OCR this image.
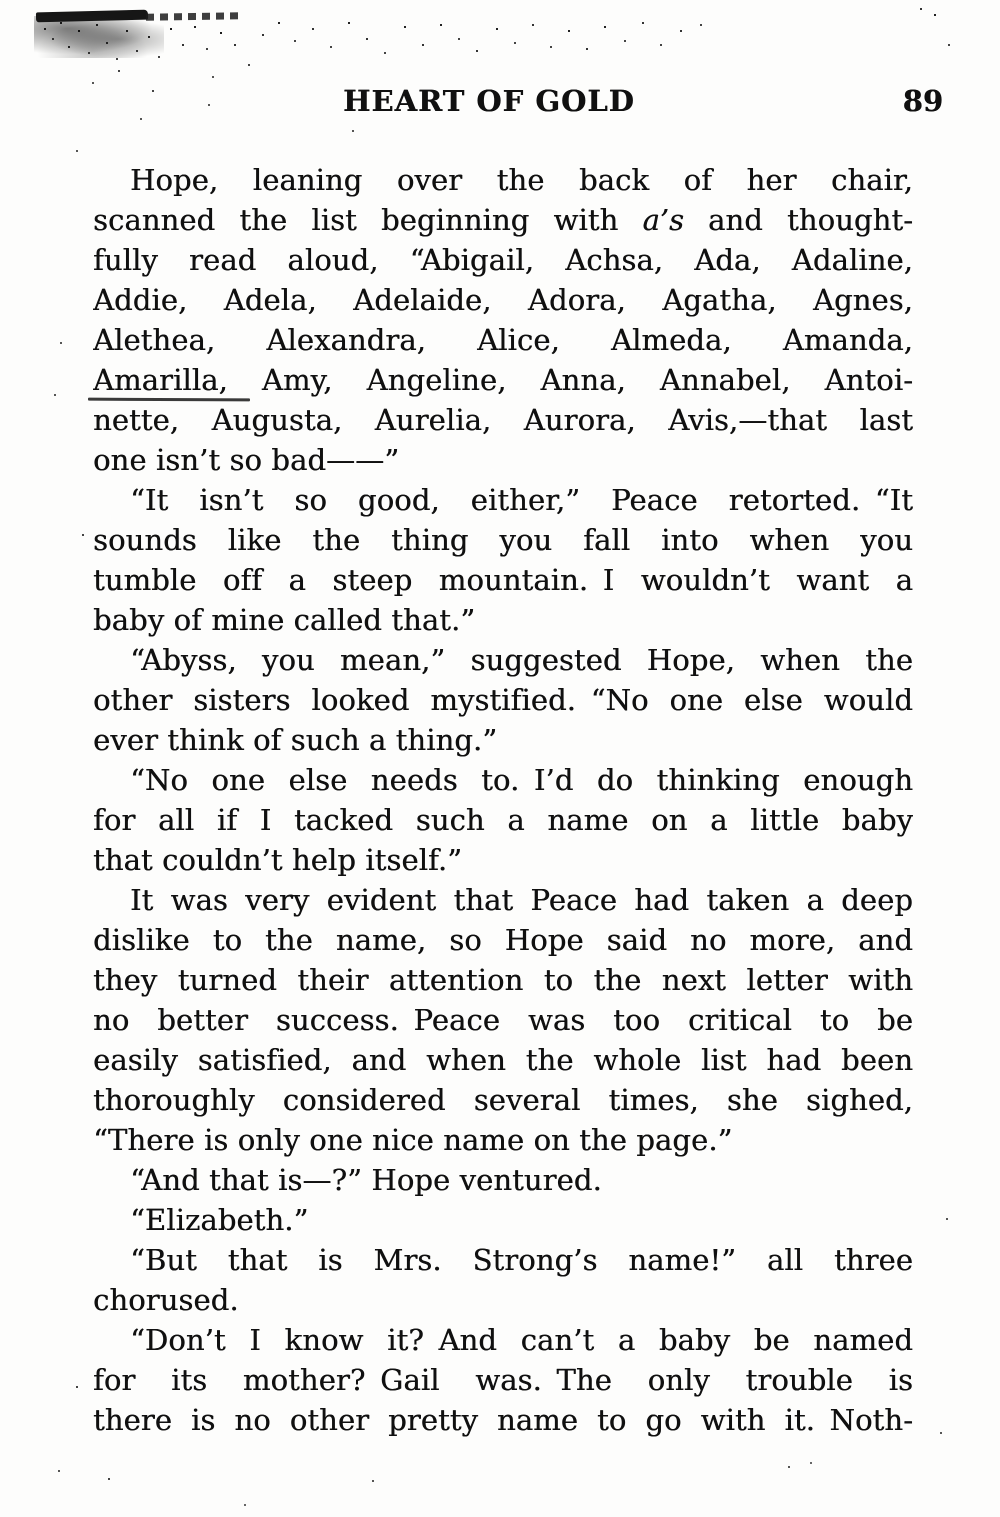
HEART OF GOLD	89
Hope, leaning over the back of her chair,
scanned the list beginning with a’s and thought-
fully read aloud, “Abigail, Achsa, Ada, Adaline,
Addie, Adela, Adelaide, Adora, Agatha, Agnes,
Alethea, Alexandra, Alice, Almeda, Amanda,
Amarilla, Amy, Angeline, Anna, Annabel, Antoi-
nette, Augusta, Aurelia, Aurora, Avis,—that last
one isn’t so bad——”
“It isn’t so good, either,” Peace retorted. “It
sounds like the thing you fall into when you
tumble off a steep mountain. I wouldn’t want a
baby of mine called that.”
“Abyss, you mean,” suggested Hope, when the
other sisters looked mystified. “No one else would
ever think of such a thing.”
“No one else needs to. I’d do thinking enough
for all if I tacked such a name on a little baby
that couldn’t help itself.”
It was very evident that Peace had taken a deep
dislike to the name, so Hope said no more, and
they turned their attention to the next letter with
no better success. Peace was too critical to be
easily satisfied, and when the whole list had been
thoroughly considered several times, she sighed,
“There is only one nice name on the page.”
“And that is—?” Hope ventured.
“Elizabeth.”
“But that is Mrs. Strong’s name!” all three
chorused.
“Don’t I know it? And can’t a baby be named
for its mother? Gail was. The only trouble is
there is no other pretty name to go with it. Noth-
